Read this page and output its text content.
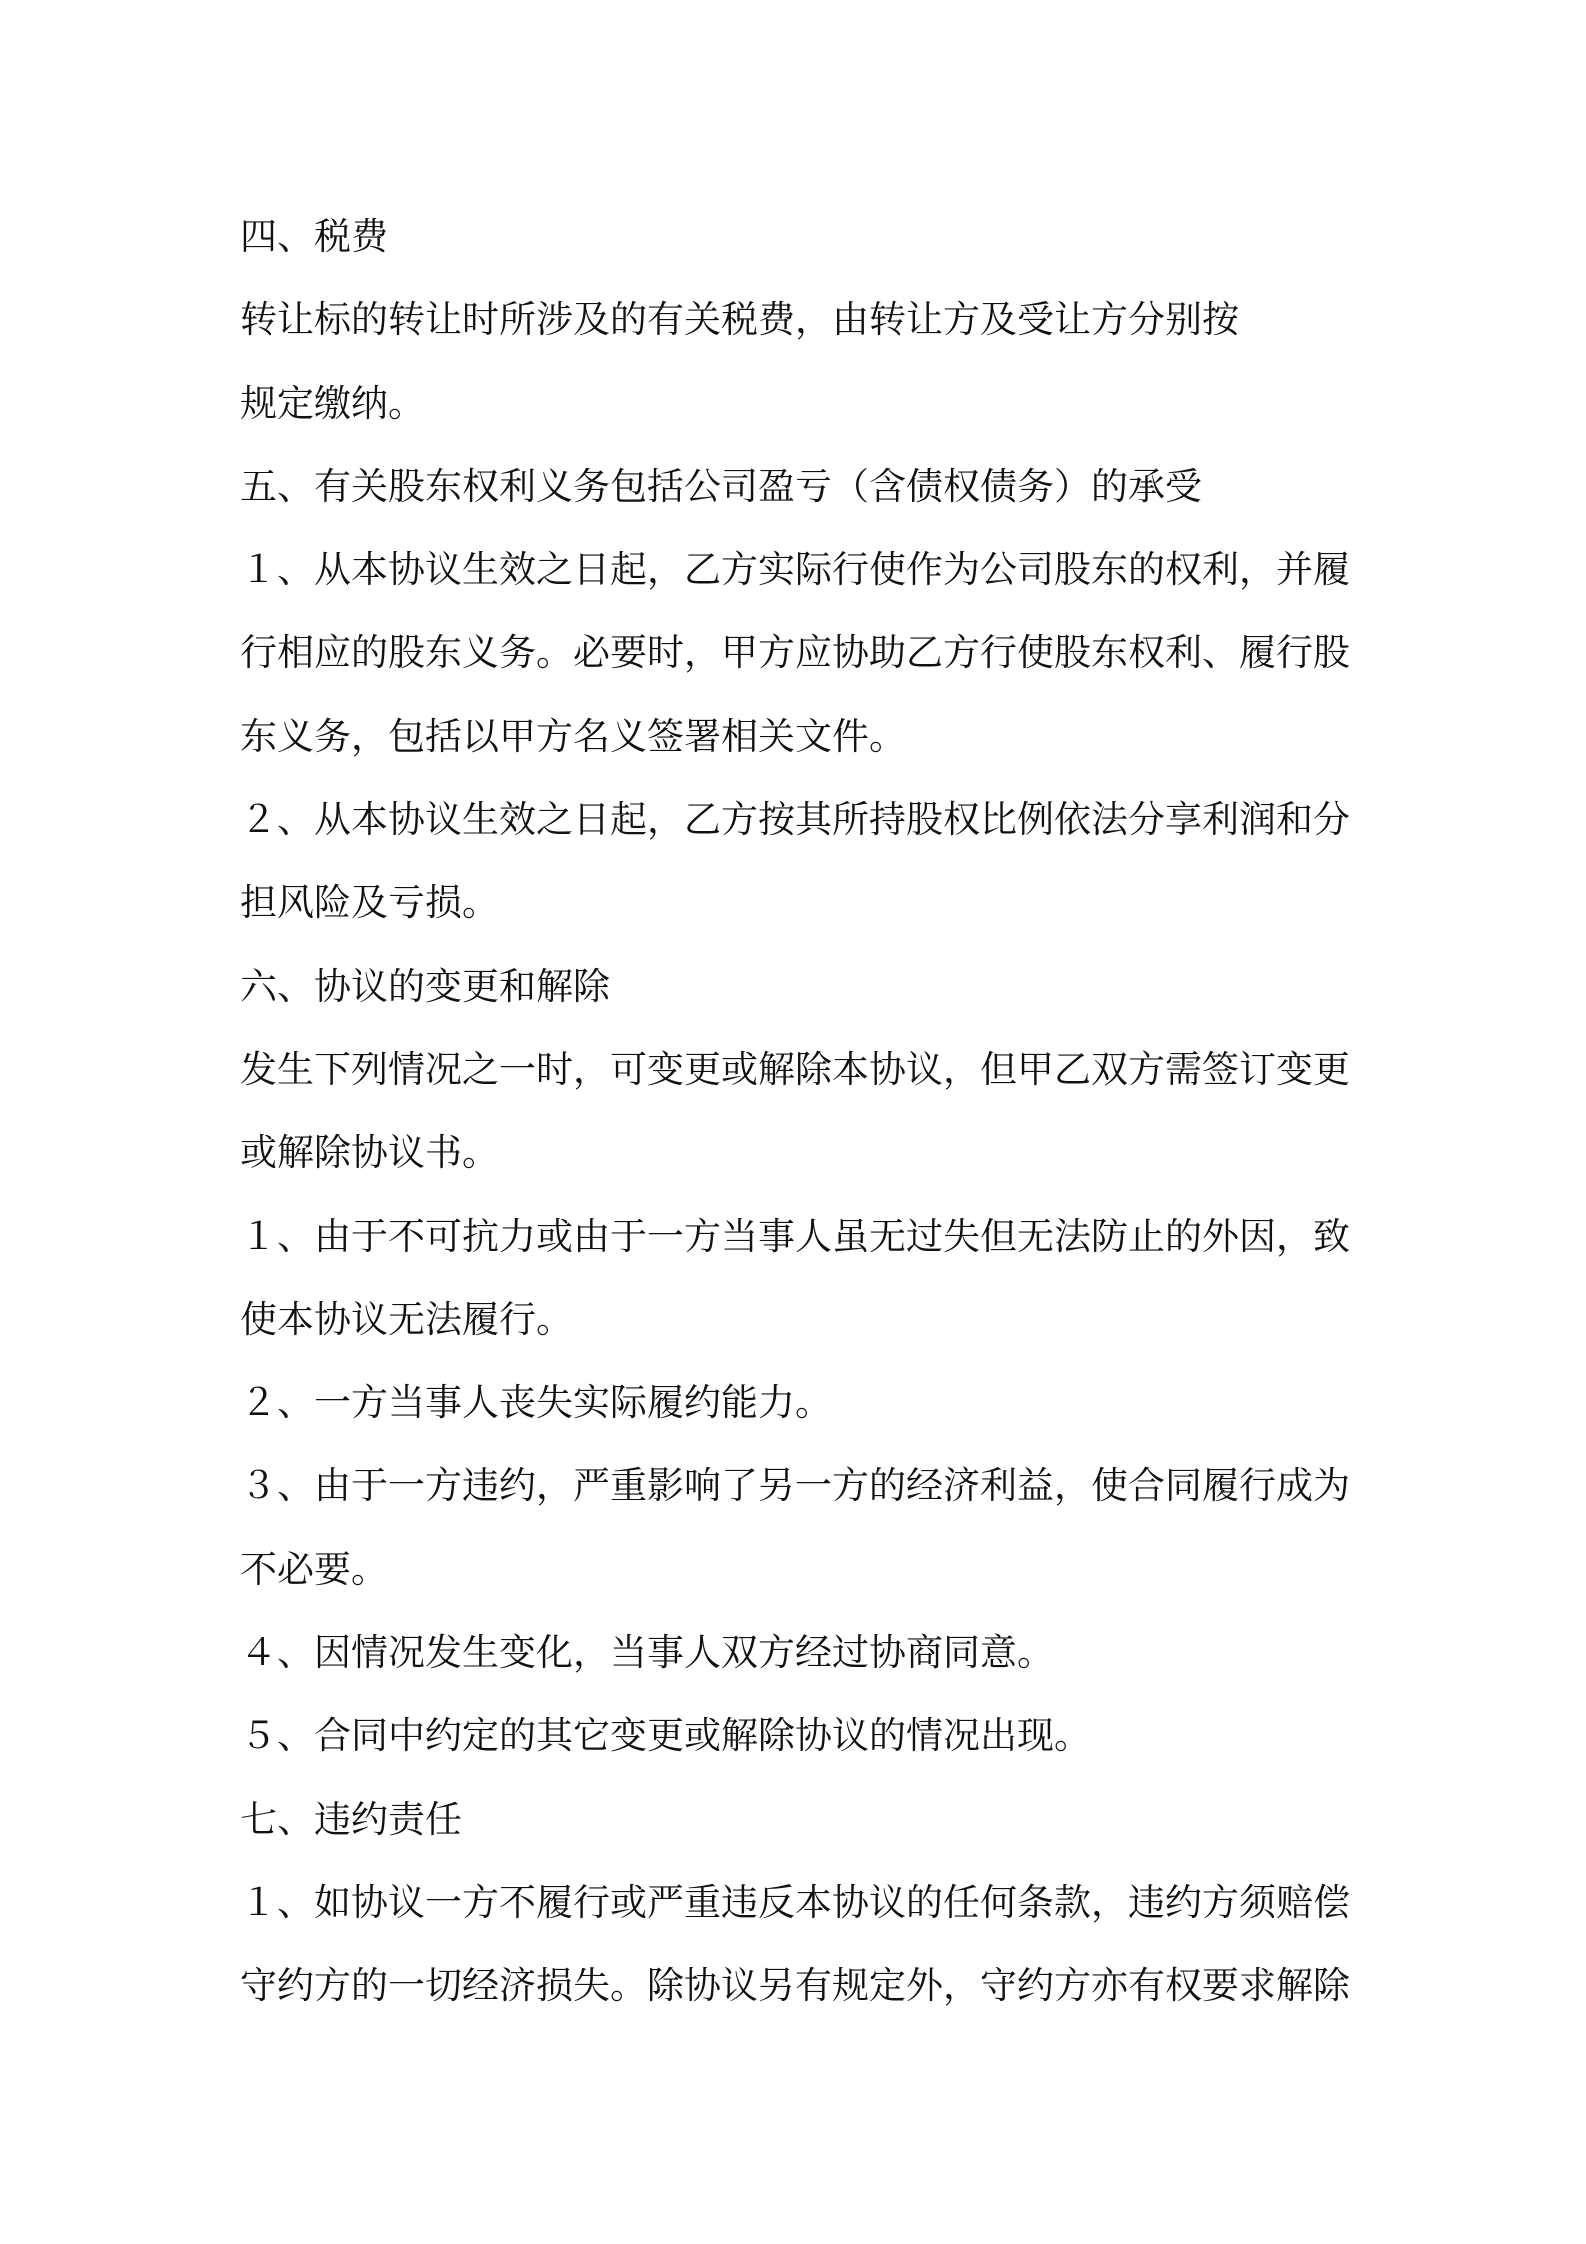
四、税费
转让标的转让时所涉及的有关税费，由转让方及受让方分别按
规定缴纳。
五、有关股东权利义务包括公司盈亏（含债权债务）的承受
１、从本协议生效之日起，乙方实际行使作为公司股东的权利，并履
行相应的股东义务。必要时，甲方应协助乙方行使股东权利、履行股
东义务，包括以甲方名义签署相关文件。
２、从本协议生效之日起，乙方按其所持股权比例依法分享利润和分
担风险及亏损。
六、协议的变更和解除
发生下列情况之一时，可变更或解除本协议，但甲乙双方需签订变更
或解除协议书。
１、由于不可抗力或由于一方当事人虽无过失但无法防止的外因，致
使本协议无法履行。
２、一方当事人丧失实际履约能力。
３、由于一方违约，严重影响了另一方的经济利益，使合同履行成为
不必要。
４、因情况发生变化，当事人双方经过协商同意。
５、合同中约定的其它变更或解除协议的情况出现。
七、违约责任
１、如协议一方不履行或严重违反本协议的任何条款，违约方须赔偿
守约方的一切经济损失。除协议另有规定外，守约方亦有权要求解除
